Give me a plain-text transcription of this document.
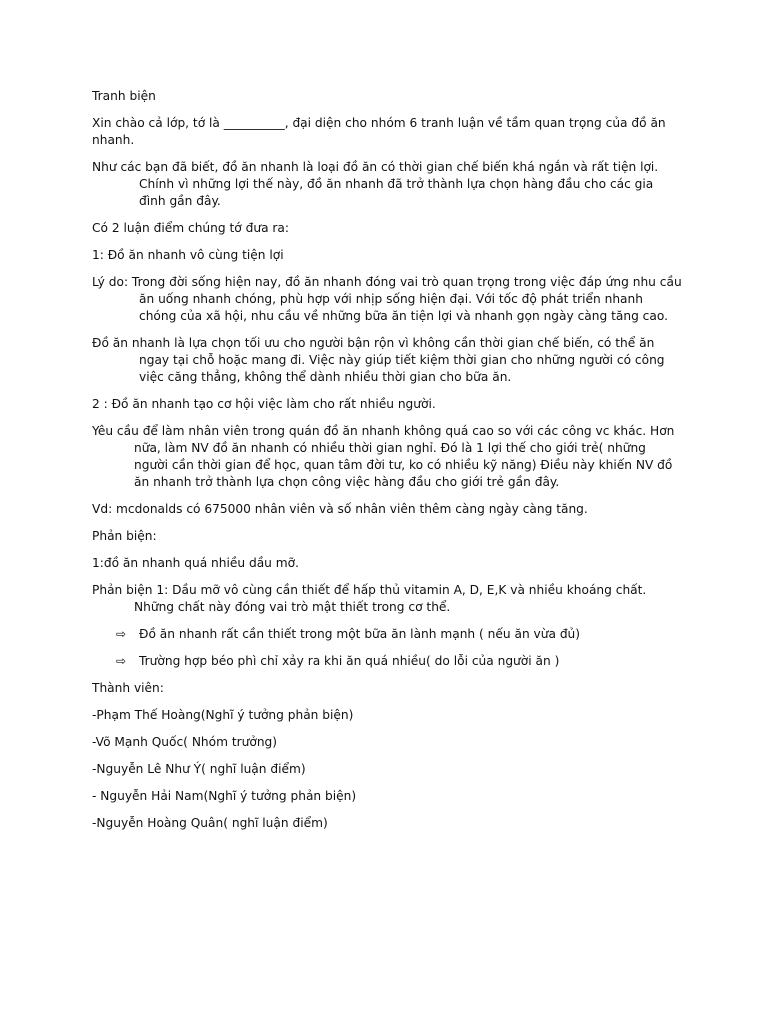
Tranh biện

Xin chào cả lớp, tớ là __________, đại diện cho nhóm 6 tranh luận về tầm quan trọng của đồ ăn nhanh.

Như các bạn đã biết, đồ ăn nhanh là loại đồ ăn có thời gian chế biến khá ngắn và rất tiện lợi. Chính vì những lợi thế này, đồ ăn nhanh đã trở thành lựa chọn hàng đầu cho các gia đình gần đây.

Có 2 luận điểm chúng tớ đưa ra:

1: Đồ ăn nhanh vô cùng tiện lợi

Lý do: Trong đời sống hiện nay, đồ ăn nhanh đóng vai trò quan trọng trong việc đáp ứng nhu cầu ăn uống nhanh chóng, phù hợp với nhịp sống hiện đại. Với tốc độ phát triển nhanh chóng của xã hội, nhu cầu về những bữa ăn tiện lợi và nhanh gọn ngày càng tăng cao.

Đồ ăn nhanh là lựa chọn tối ưu cho người bận rộn vì không cần thời gian chế biến, có thể ăn ngay tại chỗ hoặc mang đi. Việc này giúp tiết kiệm thời gian cho những người có công việc căng thẳng, không thể dành nhiều thời gian cho bữa ăn.

2 : Đồ ăn nhanh tạo cơ hội việc làm cho rất nhiều người.

Yêu cầu để làm nhân viên trong quán đồ ăn nhanh không quá cao so với các công vc khác. Hơn nữa, làm NV đồ ăn nhanh có nhiều thời gian nghỉ. Đó là 1 lợi thế cho giới trẻ( những người cần thời gian để học, quan tâm đời tư, ko có nhiều kỹ năng) Điều này khiến NV đồ ăn nhanh trở thành lựa chọn công việc hàng đầu cho giới trẻ gần đây.

Vd: mcdonalds có 675000 nhân viên và số nhân viên thêm càng ngày càng tăng.

Phản biện:

1:đồ ăn nhanh quá nhiều dầu mỡ.

Phản biện 1: Dầu mỡ vô cùng cần thiết để hấp thủ vitamin A, D, E,K và nhiều khoáng chất. Những chất này đóng vai trò mật thiết trong cơ thể.

⇨	Đồ ăn nhanh rất cần thiết trong một bữa ăn lành mạnh ( nếu ăn vừa đủ)
⇨	Trường hợp béo phì chỉ xảy ra khi ăn quá nhiều( do lỗi của người ăn )

Thành viên:

-Phạm Thế Hoàng(Nghĩ ý tưởng phản biện)

-Võ Mạnh Quốc( Nhóm trưởng)

-Nguyễn Lê Như Ý( nghĩ luận điểm)

- Nguyễn Hải Nam(Nghĩ ý tưởng phản biện)

-Nguyễn Hoàng Quân( nghĩ luận điểm)
